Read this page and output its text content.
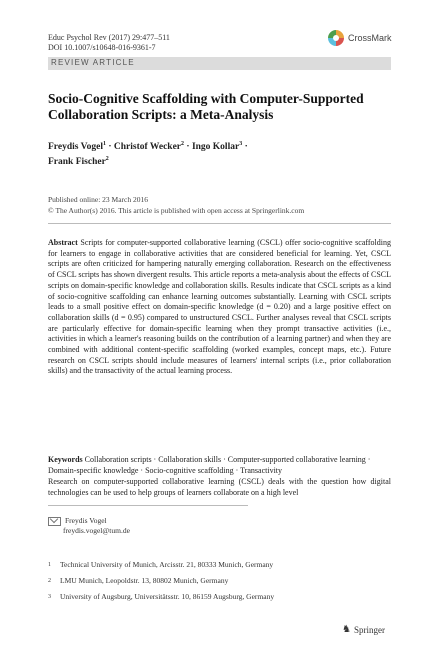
Educ Psychol Rev (2017) 29:477–511
DOI 10.1007/s10648-016-9361-7
CrossMark
REVIEW ARTICLE
Socio-Cognitive Scaffolding with Computer-Supported Collaboration Scripts: a Meta-Analysis
Freydis Vogel$^1$ · Christof Wecker$^2$ · Ingo Kollar$^3$ ·
Frank Fischer$^2$
Published online: 23 March 2016
© The Author(s) 2016. This article is published with open access at Springerlink.com
Abstract Scripts for computer-supported collaborative learning (CSCL) offer socio-cognitive scaffolding for learners to engage in collaborative activities that are considered beneficial for learning. Yet, CSCL scripts are often criticized for hampering naturally emerging collaboration. Research on the effectiveness of CSCL scripts has shown divergent results. This article reports a meta-analysis about the effects of CSCL scripts on domain-specific knowledge and collaboration skills. Results indicate that CSCL scripts as a kind of socio-cognitive scaffolding can enhance learning outcomes substantially. Learning with CSCL scripts leads to a small positive effect on domain-specific knowledge (d = 0.20) and a large positive effect on collaboration skills (d = 0.95) compared to unstructured CSCL. Further analyses reveal that CSCL scripts are particularly effective for domain-specific learning when they prompt transactive activities (i.e., activities in which a learner's reasoning builds on the contribution of a learning partner) and when they are combined with additional content-specific scaffolding (worked examples, concept maps, etc.). Future research on CSCL scripts should include measures of learners' internal scripts (i.e., prior collaboration skills) and the transactivity of the actual learning process.
Keywords Collaboration scripts · Collaboration skills · Computer-supported collaborative learning · Domain-specific knowledge · Socio-cognitive scaffolding · Transactivity
Research on computer-supported collaborative learning (CSCL) deals with the question how digital technologies can be used to help groups of learners collaborate on a high level
Freydis Vogel
freydis.vogel@tum.de
1 Technical University of Munich, Arcisstr. 21, 80333 Munich, Germany
2 LMU Munich, Leopoldstr. 13, 80802 Munich, Germany
3 University of Augsburg, Universitätsstr. 10, 86159 Augsburg, Germany
♞ Springer
